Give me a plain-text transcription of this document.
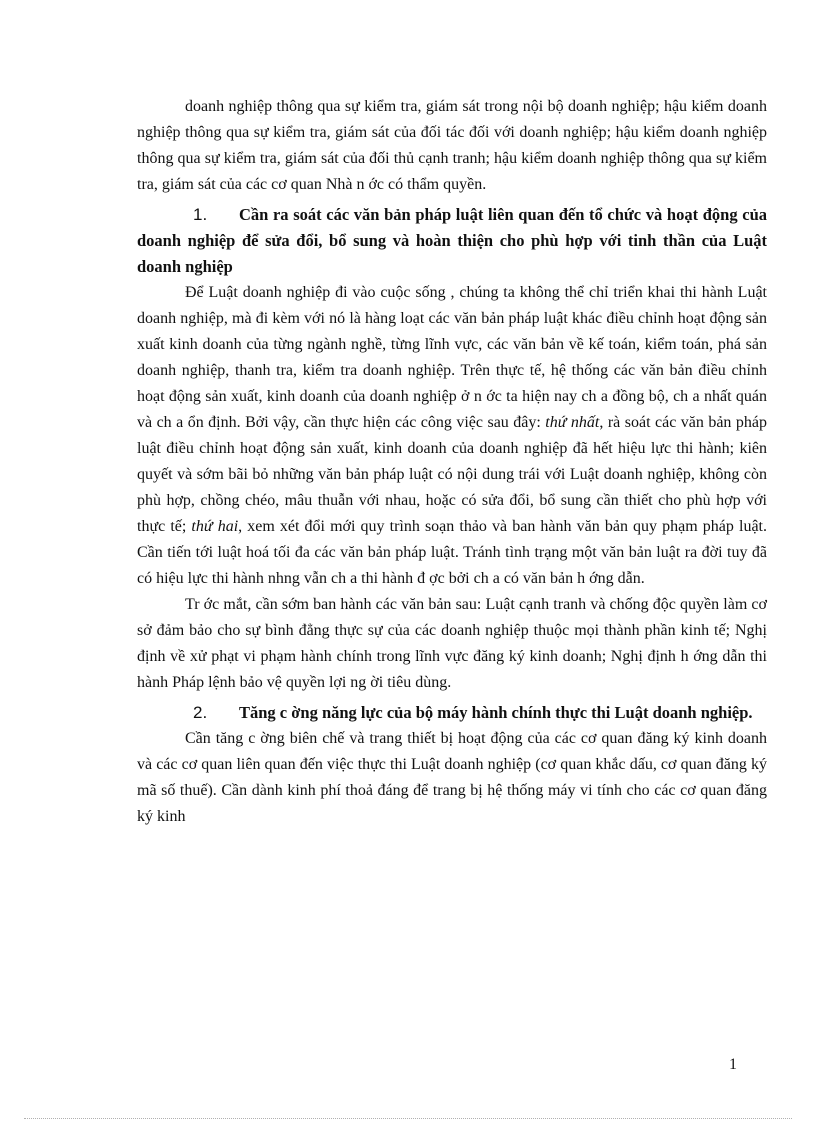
doanh nghiệp thông qua sự kiểm tra, giám sát trong nội bộ doanh nghiệp; hậu kiểm doanh nghiệp thông qua sự kiểm tra, giám sát của đối tác đối với doanh nghiệp; hậu kiểm doanh nghiệp thông qua sự kiểm tra, giám sát của đối thủ cạnh tranh; hậu kiểm doanh nghiệp thông qua sự kiểm tra, giám sát của các cơ quan Nhà n ớc có thẩm quyền.

1. Cần ra soát các văn bản pháp luật liên quan đến tổ chức và hoạt động của doanh nghiệp để sửa đổi, bổ sung và hoàn thiện cho phù hợp với tinh thần của Luật doanh nghiệp

Để Luật doanh nghiệp đi vào cuộc sống , chúng ta không thể chỉ triển khai thi hành Luật doanh nghiệp, mà đi kèm với nó là hàng loạt các văn bản pháp luật khác điều chỉnh hoạt động sản xuất kinh doanh của từng ngành nghề, từng lĩnh vực, các văn bản về kế toán, kiểm toán, phá sản doanh nghiệp, thanh tra, kiểm tra doanh nghiệp. Trên thực tế, hệ thống các văn bản điều chỉnh hoạt động sản xuất, kinh doanh của doanh nghiệp ở n ớc ta hiện nay ch a đồng bộ, ch a nhất quán và ch a ổn định. Bởi vậy, cần thực hiện các công việc sau đây: thứ nhất, rà soát các văn bản pháp luật điều chỉnh hoạt động sản xuất, kinh doanh của doanh nghiệp đã hết hiệu lực thi hành; kiên quyết và sớm bãi bỏ những văn bản pháp luật có nội dung trái với Luật doanh nghiệp, không còn phù hợp, chồng chéo, mâu thuẫn với nhau, hoặc có sửa đổi, bổ sung cần thiết cho phù hợp với thực tế; thứ hai, xem xét đổi mới quy trình soạn thảo và ban hành văn bản quy phạm pháp luật. Cần tiến tới luật hoá tối đa các văn bản pháp luật. Tránh tình trạng một văn bản luật ra đời tuy đã có hiệu lực thi hành nhng vẫn ch a thi hành đ ợc bởi ch a có văn bản h ớng dẫn.

Tr ớc mắt, cần sớm ban hành các văn bản sau: Luật cạnh tranh và chống độc quyền làm cơ sở đảm bảo cho sự bình đẳng thực sự của các doanh nghiệp thuộc mọi thành phần kinh tế; Nghị định về xử phạt vi phạm hành chính trong lĩnh vực đăng ký kinh doanh; Nghị định h ớng dẫn thi hành Pháp lệnh bảo vệ quyền lợi ng ời tiêu dùng.

2. Tăng c ờng năng lực của bộ máy hành chính thực thi Luật doanh nghiệp.

Cần tăng c ờng biên chế và trang thiết bị hoạt động của các cơ quan đăng ký kinh doanh và các cơ quan liên quan đến việc thực thi Luật doanh nghiệp (cơ quan khắc dấu, cơ quan đăng ký mã số thuế). Cần dành kinh phí thoả đáng để trang bị hệ thống máy vi tính cho các cơ quan đăng ký kinh

1
